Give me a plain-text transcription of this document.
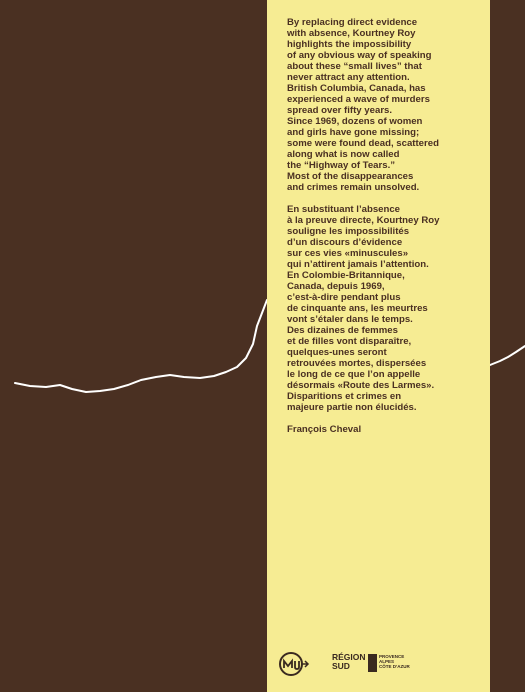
By replacing direct evidence
with absence, Kourtney Roy
highlights the impossibility
of any obvious way of speaking
about these “small lives” that
never attract any attention.
British Columbia, Canada, has
experienced a wave of murders
spread over fifty years.
Since 1969, dozens of women
and girls have gone missing;
some were found dead, scattered
along what is now called
the “Highway of Tears.”
Most of the disappearances
and crimes remain unsolved.

En substituant l’absence
à la preuve directe, Kourtney Roy
souligne les impossibilités
d’un discours d’évidence
sur ces vies «minuscules»
qui n’attirent jamais l’attention.
En Colombie-Britannique,
Canada, depuis 1969,
c’est-à-dire pendant plus
de cinquante ans, les meurtres
vont s’étaler dans le temps.
Des dizaines de femmes
et de filles vont disparaître,
quelques-unes seront
retrouvées mortes, dispersées
le long de ce que l’on appelle
désormais «Route des Larmes».
Disparitions et crimes en
majeure partie non élucidés.

François Cheval

RÉGION
SUD
PROVENCE
ALPES
CÔTE D’AZUR
